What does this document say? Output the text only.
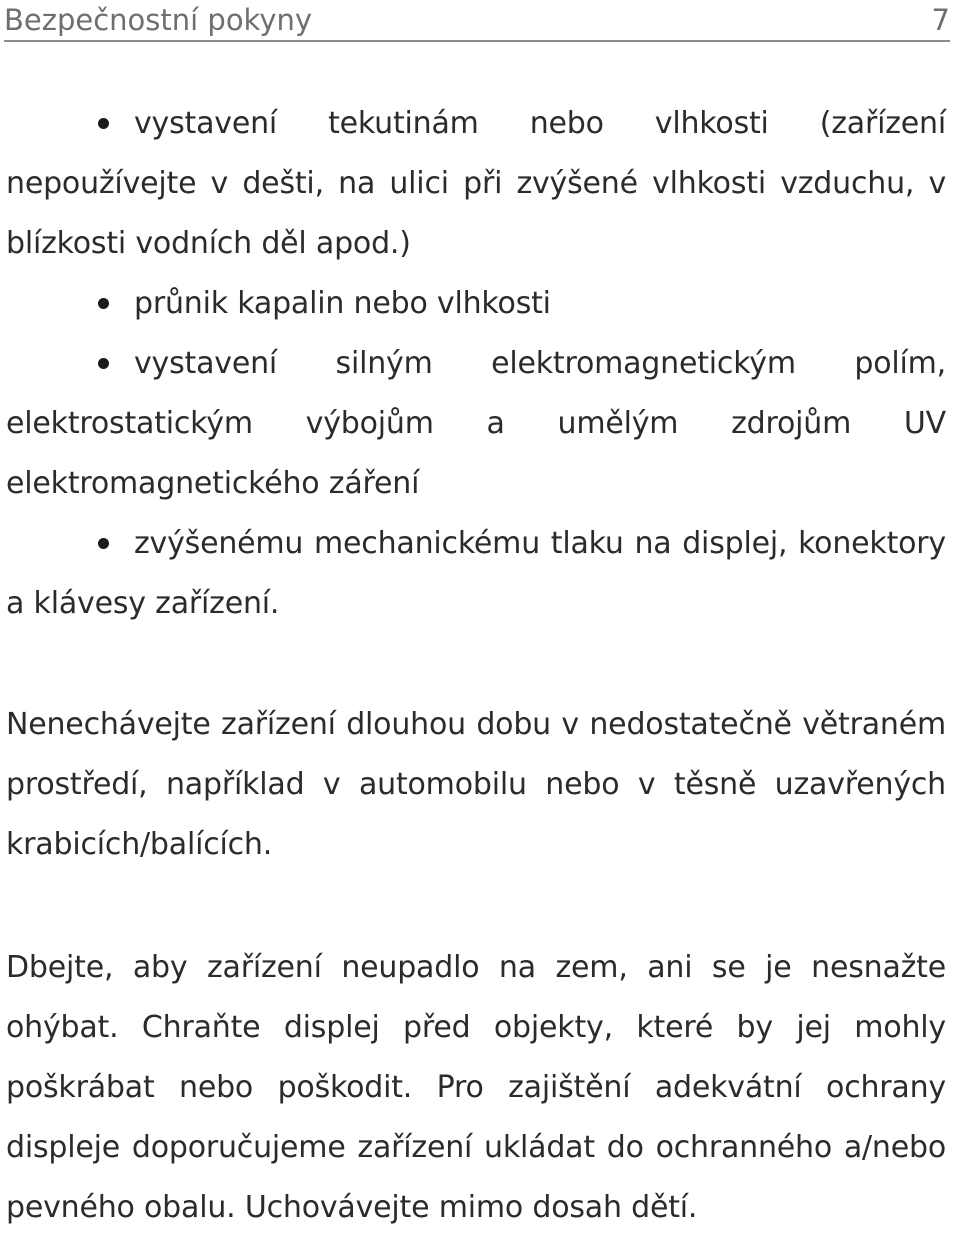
Bezpečnostní pokyny	7

vystavení tekutinám nebo vlhkosti (zařízení nepoužívejte v dešti, na ulici při zvýšené vlhkosti vzduchu, v blízkosti vodních děl apod.)

průnik kapalin nebo vlhkosti

vystavení silným elektromagnetickým polím, elektrostatickým výbojům a umělým zdrojům UV elektromagnetického záření

zvýšenému mechanickému tlaku na displej, konektory a klávesy zařízení.

Nenechávejte zařízení dlouhou dobu v nedostatečně větraném prostředí, například v automobilu nebo v těsně uzavřených krabicích/balících.

Dbejte, aby zařízení neupadlo na zem, ani se je nesnažte ohýbat. Chraňte displej před objekty, které by jej mohly poškrábat nebo poškodit. Pro zajištění adekvátní ochrany displeje doporučujeme zařízení ukládat do ochranného a/nebo pevného obalu. Uchovávejte mimo dosah dětí.
